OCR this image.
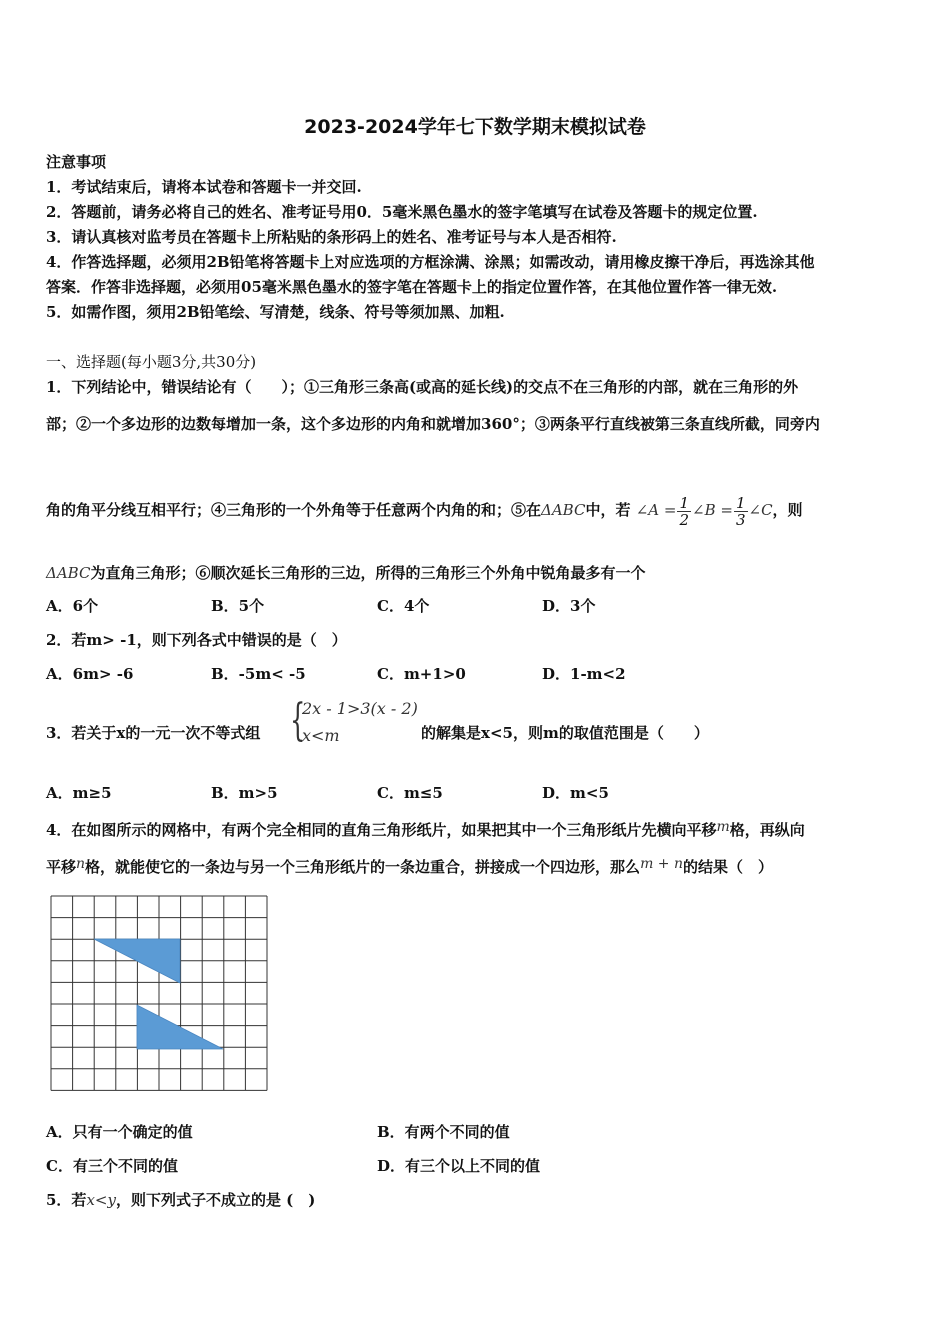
2023-2024学年七下数学期末模拟试卷
注意事项
1．考试结束后，请将本试卷和答题卡一并交回.
2．答题前，请务必将自己的姓名、准考证号用0．5毫米黑色墨水的签字笔填写在试卷及答题卡的规定位置.
3．请认真核对监考员在答题卡上所粘贴的条形码上的姓名、准考证号与本人是否相符.
4．作答选择题，必须用2B铅笔将答题卡上对应选项的方框涂满、涂黑；如需改动，请用橡皮擦干净后，再选涂其他
答案．作答非选择题，必须用05毫米黑色墨水的签字笔在答题卡上的指定位置作答，在其他位置作答一律无效.
5．如需作图，须用2B铅笔绘、写清楚，线条、符号等须加黑、加粗.
一、选择题(每小题3分,共30分)
1．下列结论中，错误结论有（　　）；①三角形三条高(或高的延长线)的交点不在三角形的内部，就在三角形的外
部；②一个多边形的边数每增加一条，这个多边形的内角和就增加360°；③两条平行直线被第三条直线所截，同旁内
角的角平分线互相平行；④三角形的一个外角等于任意两个内角的和；⑤在ΔABC中，若 ∠A = $\frac{1}{2}$ ∠B = $\frac{1}{3}$ ∠C，则
ΔABC为直角三角形；⑥顺次延长三角形的三边，所得的三角形三个外角中锐角最多有一个
A．6个	B．5个	C．4个	D．3个
2．若m> -1，则下列各式中错误的是（　）
A．6m> -6	B．-5m< -5	C．m+1>0	D．1-m<2
3．若关于x的一元一次不等式组 {
2x - 1>3(x - 2)
x<m	的解集是x<5，则m的取值范围是（　　）
A．m≥5	B．m>5	C．m≤5	D．m<5
4．在如图所示的网格中，有两个完全相同的直角三角形纸片，如果把其中一个三角形纸片先横向平移m格，再纵向
平移n格，就能使它的一条边与另一个三角形纸片的一条边重合，拼接成一个四边形，那么m + n的结果（　）
A．只有一个确定的值	B．有两个不同的值
C．有三个不同的值	D．有三个以上不同的值
5．若x<y，则下列式子不成立的是 (　)
